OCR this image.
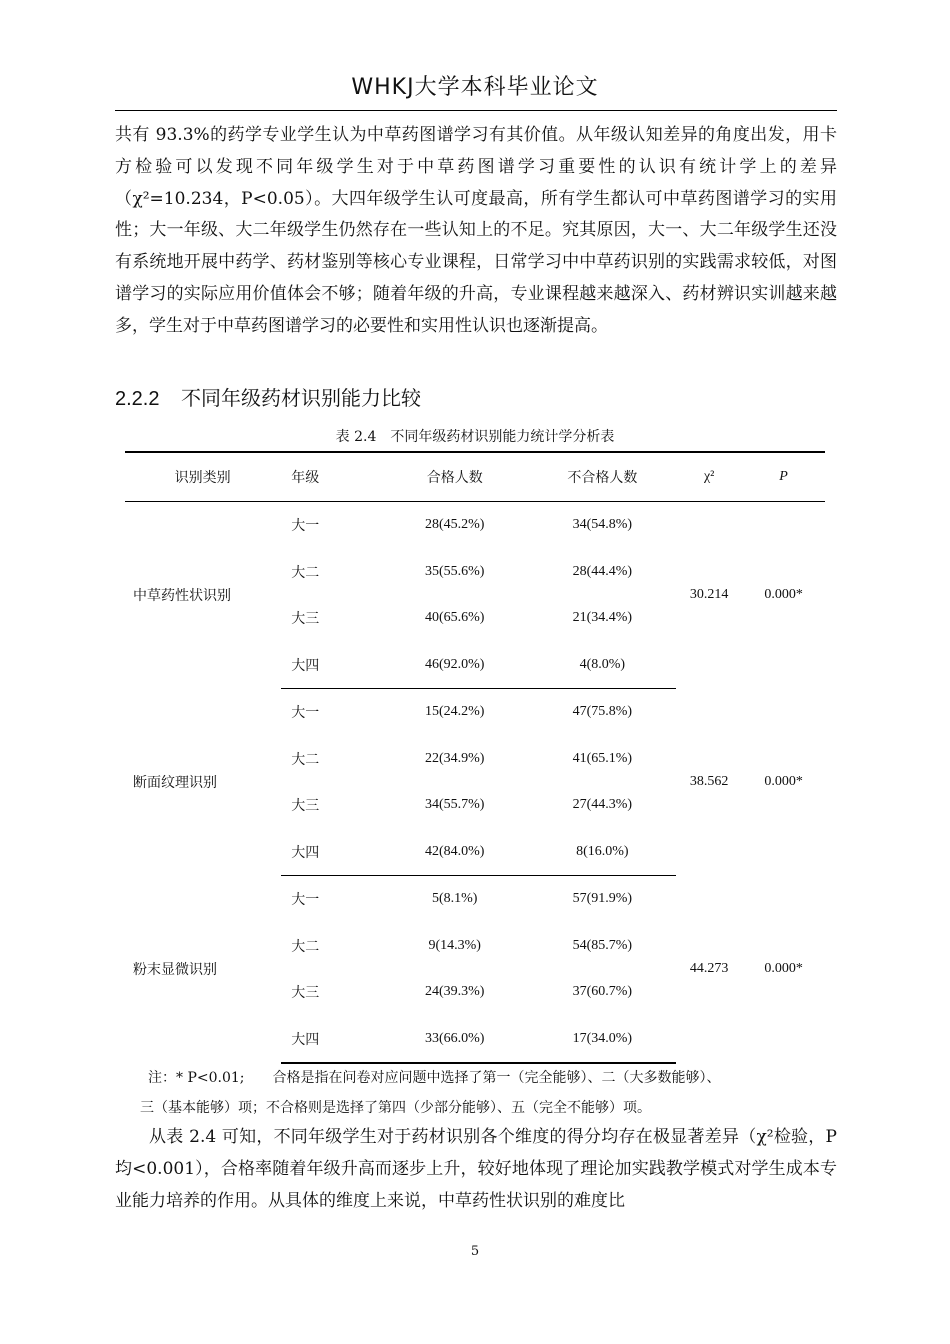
WHKJ大学本科毕业论文

共有 93.3%的药学专业学生认为中草药图谱学习有其价值。从年级认知差异的角度出发，用卡方检验可以发现不同年级学生对于中草药图谱学习重要性的认识有统计学上的差异（χ²=10.234，P<0.05）。大四年级学生认可度最高，所有学生都认可中草药图谱学习的实用性；大一年级、大二年级学生仍然存在一些认知上的不足。究其原因，大一、大二年级学生还没有系统地开展中药学、药材鉴别等核心专业课程，日常学习中中草药识别的实践需求较低，对图谱学习的实际应用价值体会不够；随着年级的升高，专业课程越来越深入、药材辨识实训越来越多，学生对于中草药图谱学习的必要性和实用性认识也逐渐提高。

2.2.2 不同年级药材识别能力比较
表 2.4　不同年级药材识别能力统计学分析表
识别类别	年级	合格人数	不合格人数	χ²	P
中草药性状识别	大一	28(45.2%)	34(54.8%)	30.214	0.000*
	大二	35(55.6%)	28(44.4%)		
	大三	40(65.6%)	21(34.4%)		
	大四	46(92.0%)	4(8.0%)		
断面纹理识别	大一	15(24.2%)	47(75.8%)	38.562	0.000*
	大二	22(34.9%)	41(65.1%)		
	大三	34(55.7%)	27(44.3%)		
	大四	42(84.0%)	8(16.0%)		
粉末显微识别	大一	5(8.1%)	57(91.9%)	44.273	0.000*
	大二	9(14.3%)	54(85.7%)		
	大三	24(39.3%)	37(60.7%)		
	大四	33(66.0%)	17(34.0%)		
注：* P<0.01;　　合格是指在问卷对应问题中选择了第一（完全能够）、二（大多数能够）、
三（基本能够）项；不合格则是选择了第四（少部分能够）、五（完全不能够）项。

从表 2.4 可知，不同年级学生对于药材识别各个维度的得分均存在极显著差异（χ²检验，P 均<0.001），合格率随着年级升高而逐步上升，较好地体现了理论加实践教学模式对学生成本专业能力培养的作用。从具体的维度上来说，中草药性状识别的难度比

5
